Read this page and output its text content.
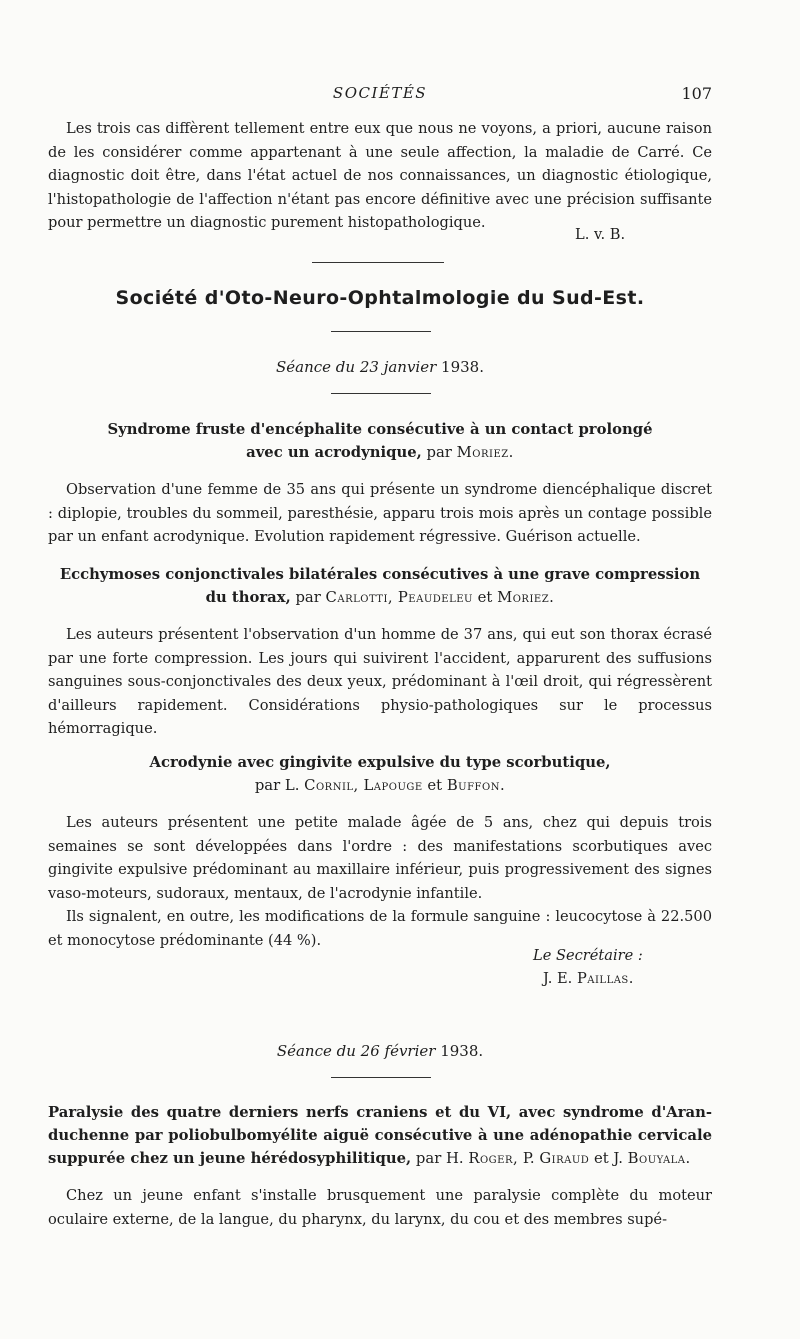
SOCIÉTÉS	107

Les trois cas diffèrent tellement entre eux que nous ne voyons, a priori, aucune raison de les considérer comme appartenant à une seule affection, la maladie de Carré. Ce diagnostic doit être, dans l'état actuel de nos connaissances, un diagnostic étiologique, l'histopathologie de l'affection n'étant pas encore définitive avec une précision suffisante pour permettre un diagnostic purement histopathologique.

L. v. B.
Société d'Oto-Neuro-Ophtalmologie du Sud-Est.
Séance du 23 janvier 1938.

Syndrome fruste d'encéphalite consécutive à un contact prolongé
avec un acrodynique, par Moriez.

Observation d'une femme de 35 ans qui présente un syndrome diencéphalique discret : diplopie, troubles du sommeil, paresthésie, apparu trois mois après un contage possible par un enfant acrodynique. Evolution rapidement régressive. Guérison actuelle.

Ecchymoses conjonctivales bilatérales consécutives à une grave compression
du thorax, par Carlotti, Peaudeleu et Moriez.

Les auteurs présentent l'observation d'un homme de 37 ans, qui eut son thorax écrasé par une forte compression. Les jours qui suivirent l'accident, apparurent des suffusions sanguines sous-conjonctivales des deux yeux, prédominant à l'œil droit, qui régressèrent d'ailleurs rapidement. Considérations physio-pathologiques sur le processus hémorragique.

Acrodynie avec gingivite expulsive du type scorbutique,
par L. Cornil, Lapouge et Buffon.

Les auteurs présentent une petite malade âgée de 5 ans, chez qui depuis trois semaines se sont développées dans l'ordre : des manifestations scorbutiques avec gingivite expulsive prédominant au maxillaire inférieur, puis progressivement des signes vaso-moteurs, sudoraux, mentaux, de l'acrodynie infantile.

Ils signalent, en outre, les modifications de la formule sanguine : leucocytose à 22.500 et monocytose prédominante (44 %).

Le Secrétaire :
J. E. Paillas.
Séance du 26 février 1938.

Paralysie des quatre derniers nerfs craniens et du VI, avec syndrome d'Aran-duchenne par poliobulbomyélite aiguë consécutive à une adénopathie cervicale suppurée chez un jeune hérédosyphilitique, par H. Roger, P. Giraud et J. Bouyala.

Chez un jeune enfant s'installe brusquement une paralysie complète du moteur oculaire externe, de la langue, du pharynx, du larynx, du cou et des membres supé-
